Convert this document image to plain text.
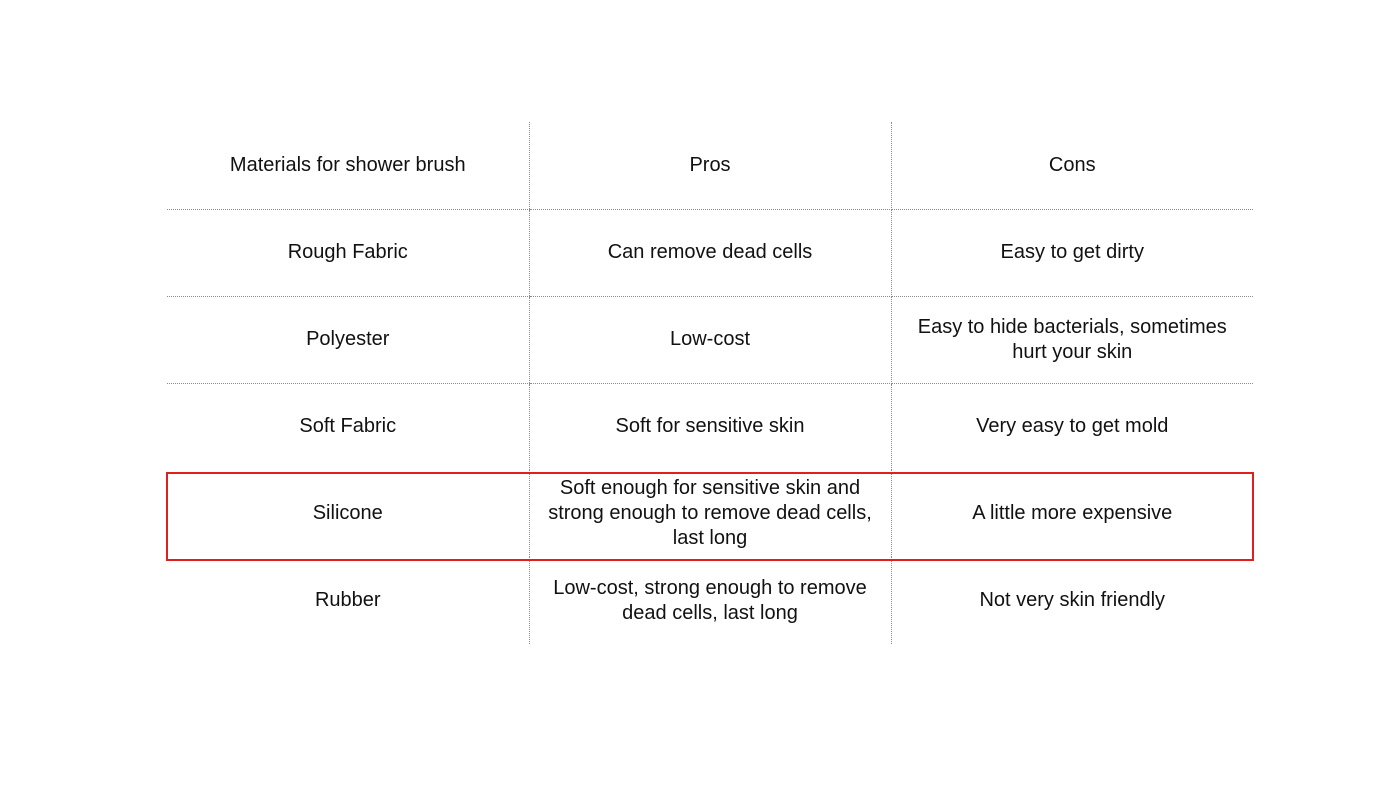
Materials for shower brush	Pros	Cons
Rough Fabric	Can remove dead cells	Easy to get dirty
Polyester	Low-cost	Easy to hide bacterials, sometimes hurt your skin
Soft Fabric	Soft for sensitive skin	Very easy to get mold
Silicone	Soft enough for sensitive skin and strong enough to remove dead cells, last long	A little more expensive
Rubber	Low-cost, strong enough to remove dead cells, last long	Not very skin friendly
